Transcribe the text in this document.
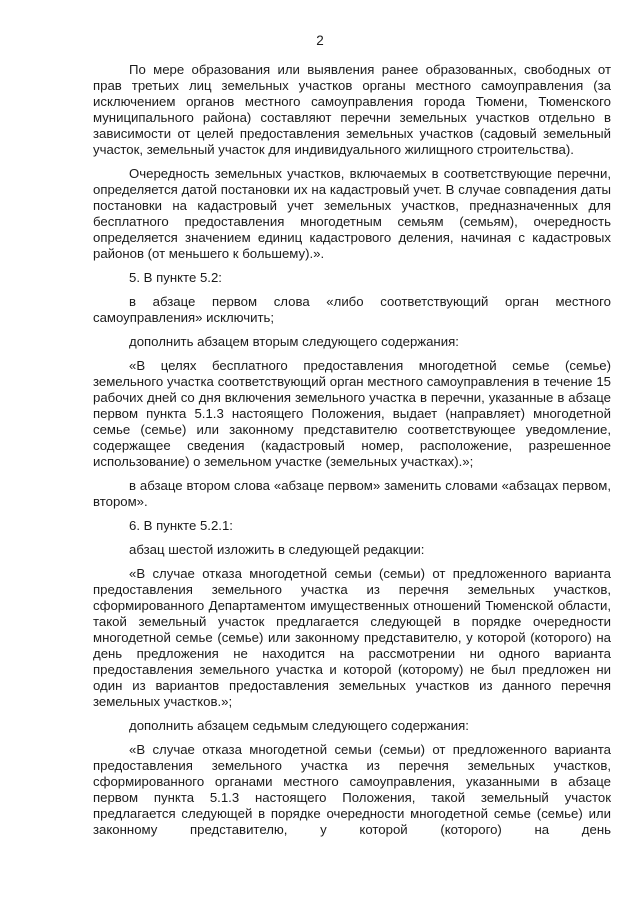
2

По мере образования или выявления ранее образованных, свободных от прав третьих лиц земельных участков органы местного самоуправления (за исключением органов местного самоуправления города Тюмени, Тюменского муниципального района) составляют перечни земельных участков отдельно в зависимости от целей предоставления земельных участков (садовый земельный участок, земельный участок для индивидуального жилищного строительства).

Очередность земельных участков, включаемых в соответствующие перечни, определяется датой постановки их на кадастровый учет. В случае совпадения даты постановки на кадастровый учет земельных участков, предназначенных для бесплатного предоставления многодетным семьям (семьям), очередность определяется значением единиц кадастрового деления, начиная с кадастровых районов (от меньшего к большему).».

5. В пункте 5.2:

в абзаце первом слова «либо соответствующий орган местного самоуправления» исключить;

дополнить абзацем вторым следующего содержания:

«В целях бесплатного предоставления многодетной семье (семье) земельного участка соответствующий орган местного самоуправления в течение 15 рабочих дней со дня включения земельного участка в перечни, указанные в абзаце первом пункта 5.1.3 настоящего Положения, выдает (направляет) многодетной семье (семье) или законному представителю соответствующее уведомление, содержащее сведения (кадастровый номер, расположение, разрешенное использование) о земельном участке (земельных участках).»;

в абзаце втором слова «абзаце первом» заменить словами «абзацах первом, втором».

6. В пункте 5.2.1:

абзац шестой изложить в следующей редакции:

«В случае отказа многодетной семьи (семьи) от предложенного варианта предоставления земельного участка из перечня земельных участков, сформированного Департаментом имущественных отношений Тюменской области, такой земельный участок предлагается следующей в порядке очередности многодетной семье (семье) или законному представителю, у которой (которого) на день предложения не находится на рассмотрении ни одного варианта предоставления земельного участка и которой (которому) не был предложен ни один из вариантов предоставления земельных участков из данного перечня земельных участков.»;

дополнить абзацем седьмым следующего содержания:

«В случае отказа многодетной семьи (семьи) от предложенного варианта предоставления земельного участка из перечня земельных участков, сформированного органами местного самоуправления, указанными в абзаце первом пункта 5.1.3 настоящего Положения, такой земельный участок предлагается следующей в порядке очередности многодетной семье (семье) или законному представителю, у которой (которого) на день
